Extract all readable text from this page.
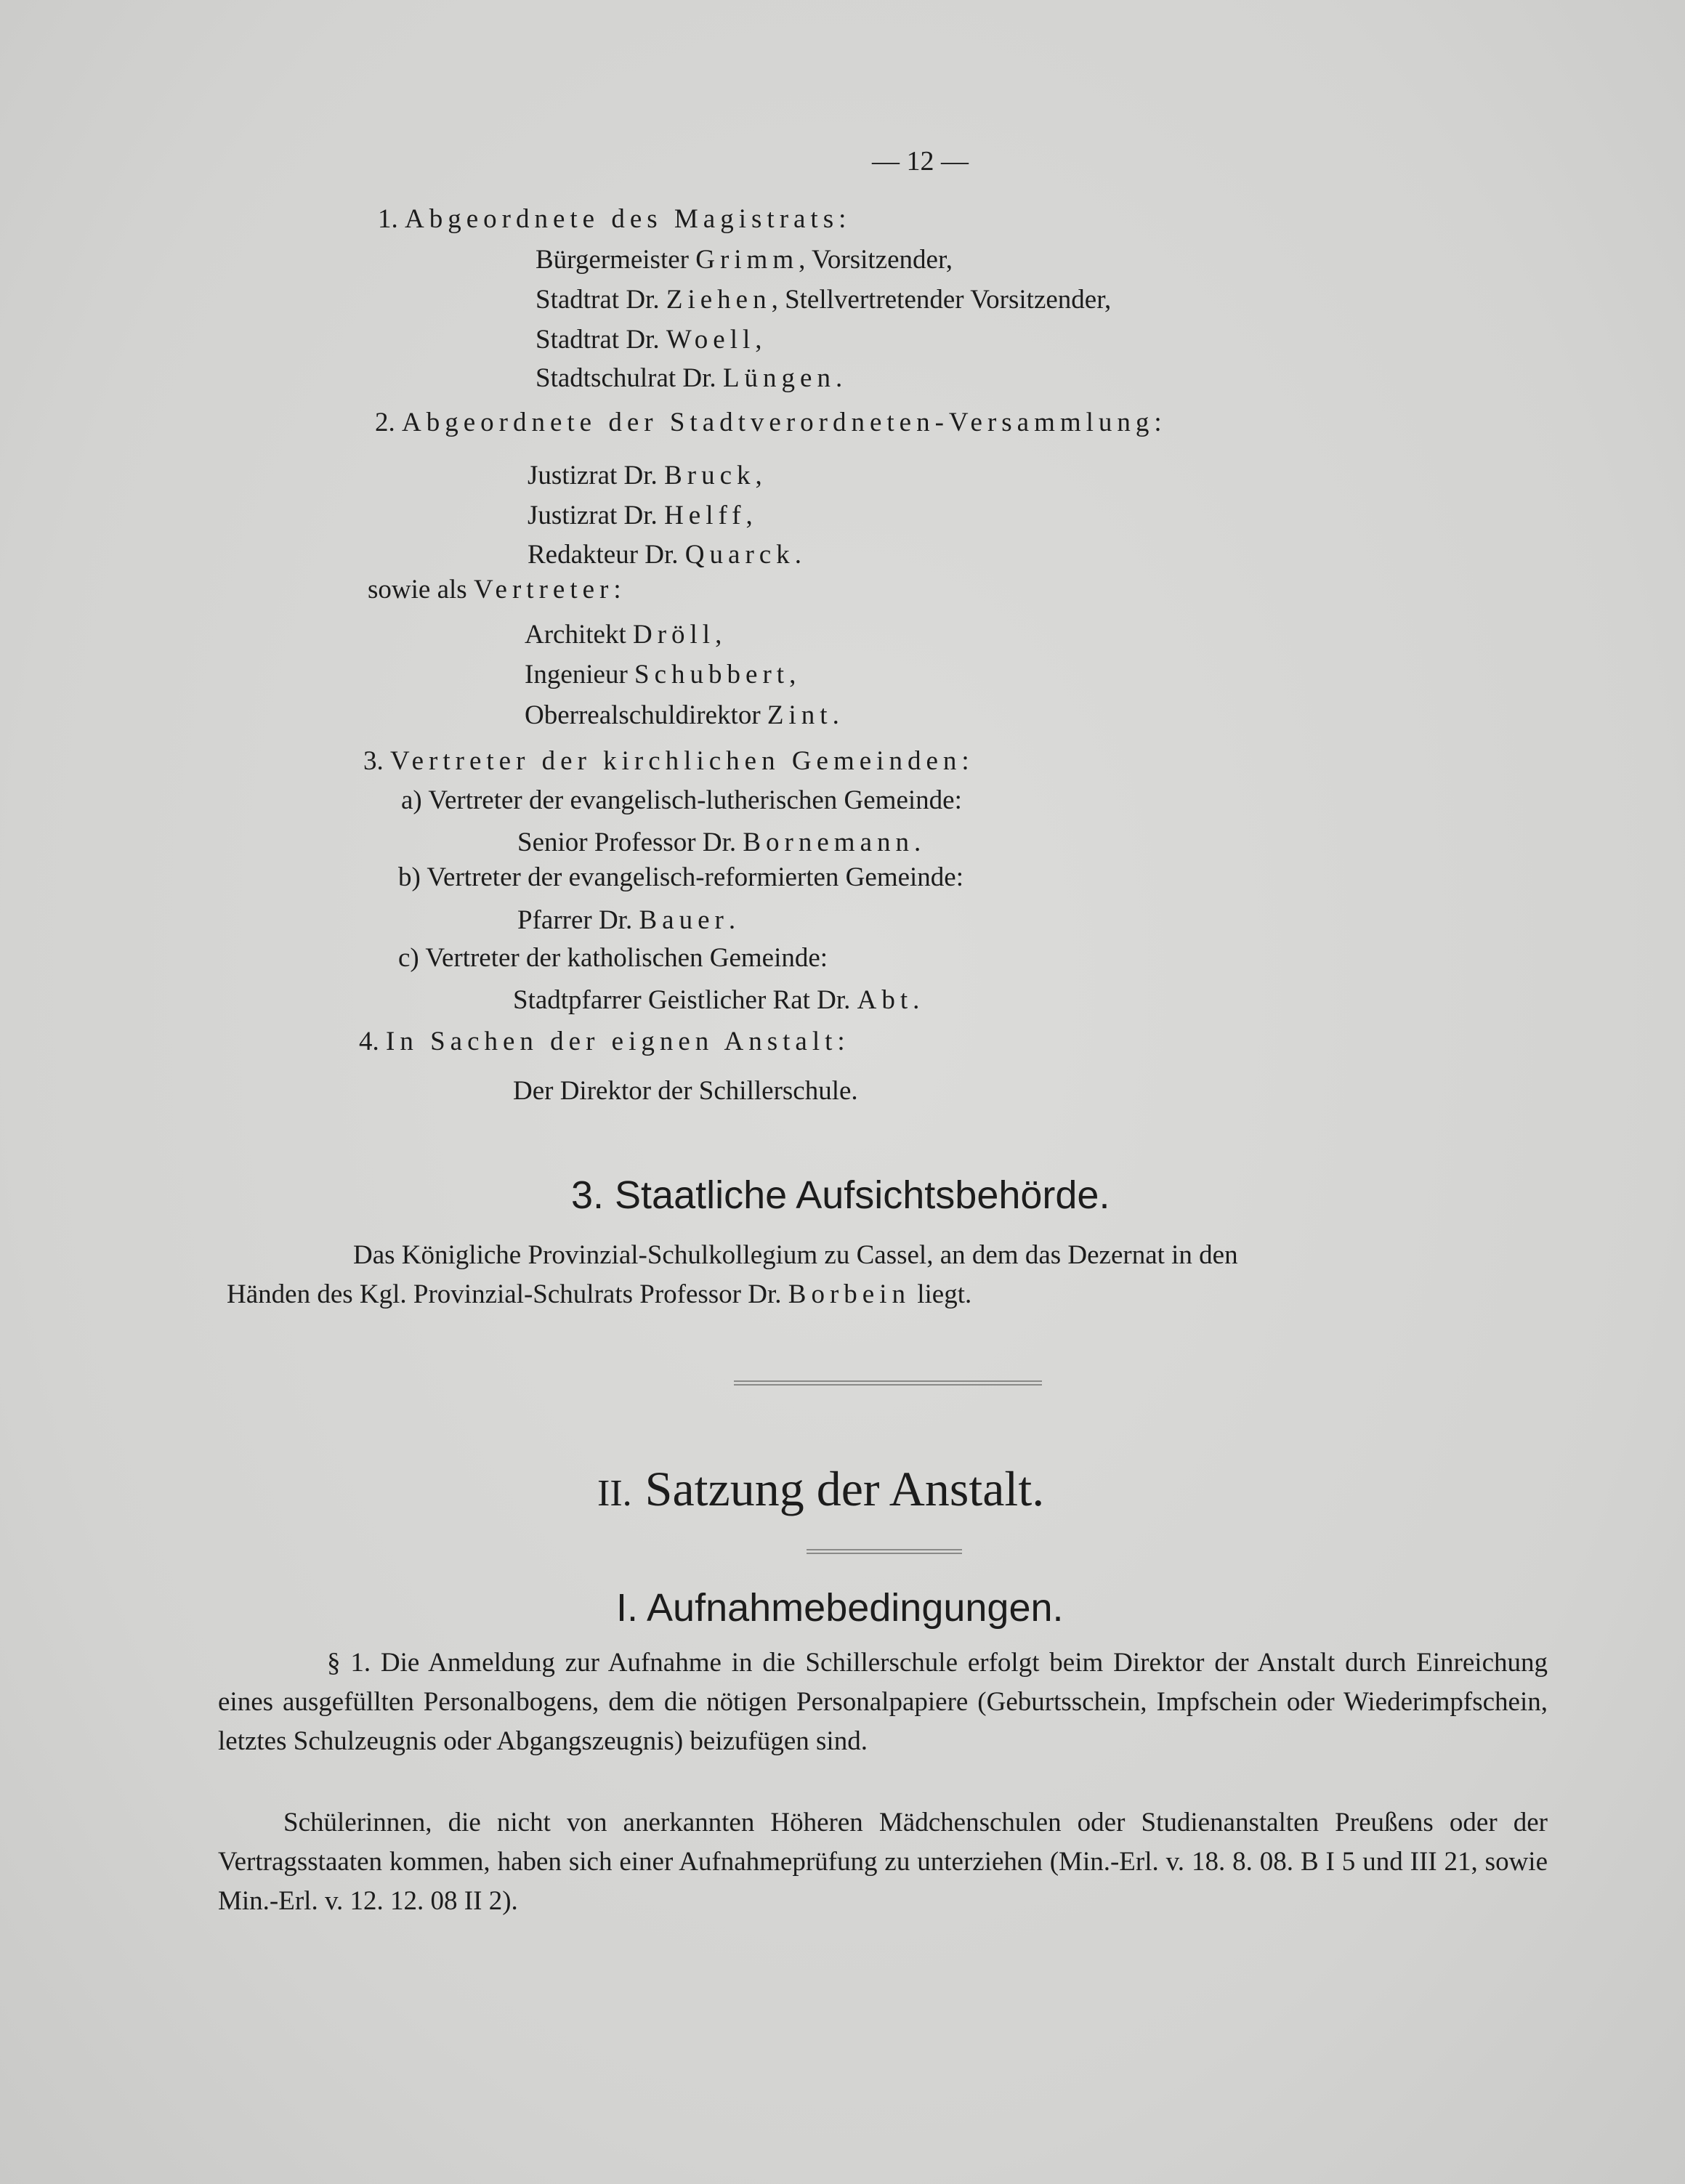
— 12 —
1. Abgeordnete des Magistrats:
Bürgermeister Grimm, Vorsitzender,
Stadtrat Dr. Ziehen, Stellvertretender Vorsitzender,
Stadtrat Dr. Woell,
Stadtschulrat Dr. Lüngen.
2. Abgeordnete der Stadtverordneten-Versammlung:
Justizrat Dr. Bruck,
Justizrat Dr. Helff,
Redakteur Dr. Quarck.
sowie als Vertreter:
Architekt Dröll,
Ingenieur Schubbert,
Oberrealschuldirektor Zint.
3. Vertreter der kirchlichen Gemeinden:
a) Vertreter der evangelisch-lutherischen Gemeinde:
Senior Professor Dr. Bornemann.
b) Vertreter der evangelisch-reformierten Gemeinde:
Pfarrer Dr. Bauer.
c) Vertreter der katholischen Gemeinde:
Stadtpfarrer Geistlicher Rat Dr. Abt.
4. In Sachen der eignen Anstalt:
Der Direktor der Schillerschule.
3. Staatliche Aufsichtsbehörde.
Das Königliche Provinzial-Schulkollegium zu Cassel, an dem das Dezernat in den
Händen des Kgl. Provinzial-Schulrats Professor Dr. Borbein liegt.
II. Satzung der Anstalt.
I. Aufnahmebedingungen.
§ 1. Die Anmeldung zur Aufnahme in die Schillerschule erfolgt beim Direktor der Anstalt durch Einreichung eines ausgefüllten Personalbogens, dem die nötigen Personalpapiere (Geburtsschein, Impfschein oder Wiederimpfschein, letztes Schulzeugnis oder Abgangszeugnis) beizufügen sind.
Schülerinnen, die nicht von anerkannten Höheren Mädchenschulen oder Studienanstalten Preußens oder der Vertragsstaaten kommen, haben sich einer Aufnahmeprüfung zu unterziehen (Min.-Erl. v. 18. 8. 08. B I 5 und III 21, sowie Min.-Erl. v. 12. 12. 08 II 2).
